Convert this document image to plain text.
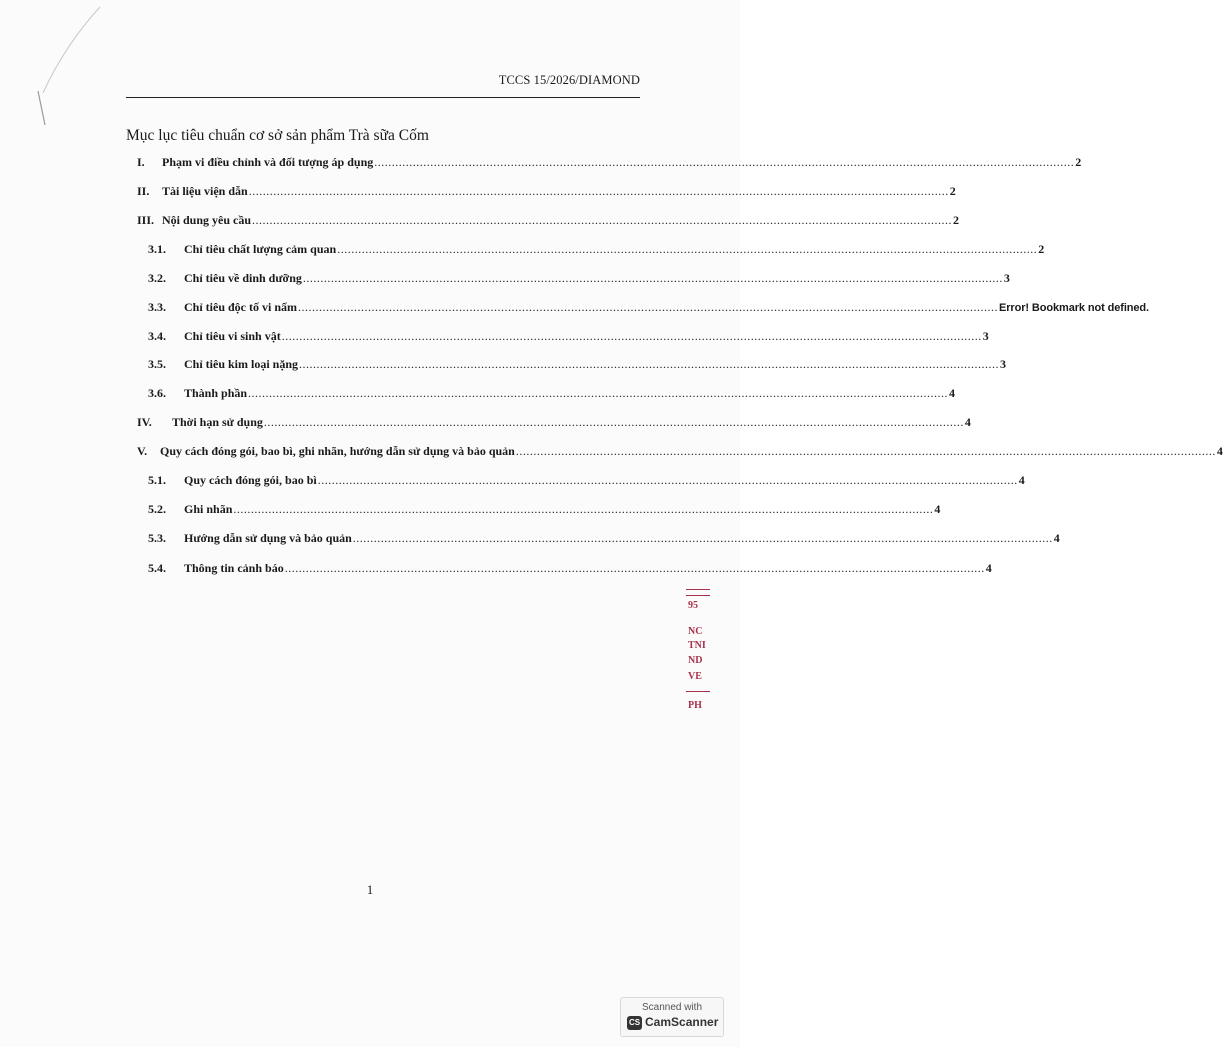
TCCS 15/2026/DIAMOND
Mục lục tiêu chuẩn cơ sở sản phẩm Trà sữa Cốm
I. Phạm vi điều chỉnh và đối tượng áp dụng ........................................................................................................................................................................................................ 2
II. Tài liệu viện dẫn ........................................................................................................................................................................................................ 2
III. Nội dung yêu cầu ........................................................................................................................................................................................................ 2
3.1. Chỉ tiêu chất lượng cảm quan ........................................................................................................................................................................................................ 2
3.2. Chỉ tiêu về dinh dưỡng ........................................................................................................................................................................................................ 3
3.3. Chỉ tiêu độc tố vi nấm ........................................................................................................................................................................................................ Error! Bookmark not defined.
3.4. Chỉ tiêu vi sinh vật ........................................................................................................................................................................................................ 3
3.5. Chỉ tiêu kim loại nặng ........................................................................................................................................................................................................ 3
3.6. Thành phần ........................................................................................................................................................................................................ 4
IV. Thời hạn sử dụng ........................................................................................................................................................................................................ 4
V. Quy cách đóng gói, bao bì, ghi nhãn, hướng dẫn sử dụng và bảo quản ........................................................................................................................................................................................................ 4
5.1. Quy cách đóng gói, bao bì ........................................................................................................................................................................................................ 4
5.2. Ghi nhãn ........................................................................................................................................................................................................ 4
5.3. Hướng dẫn sử dụng và bảo quản ........................................................................................................................................................................................................ 4
5.4. Thông tin cảnh báo ........................................................................................................................................................................................................ 4
1
95
NC
TNI
ND
VE
PH
Scanned with
CS CamScanner
